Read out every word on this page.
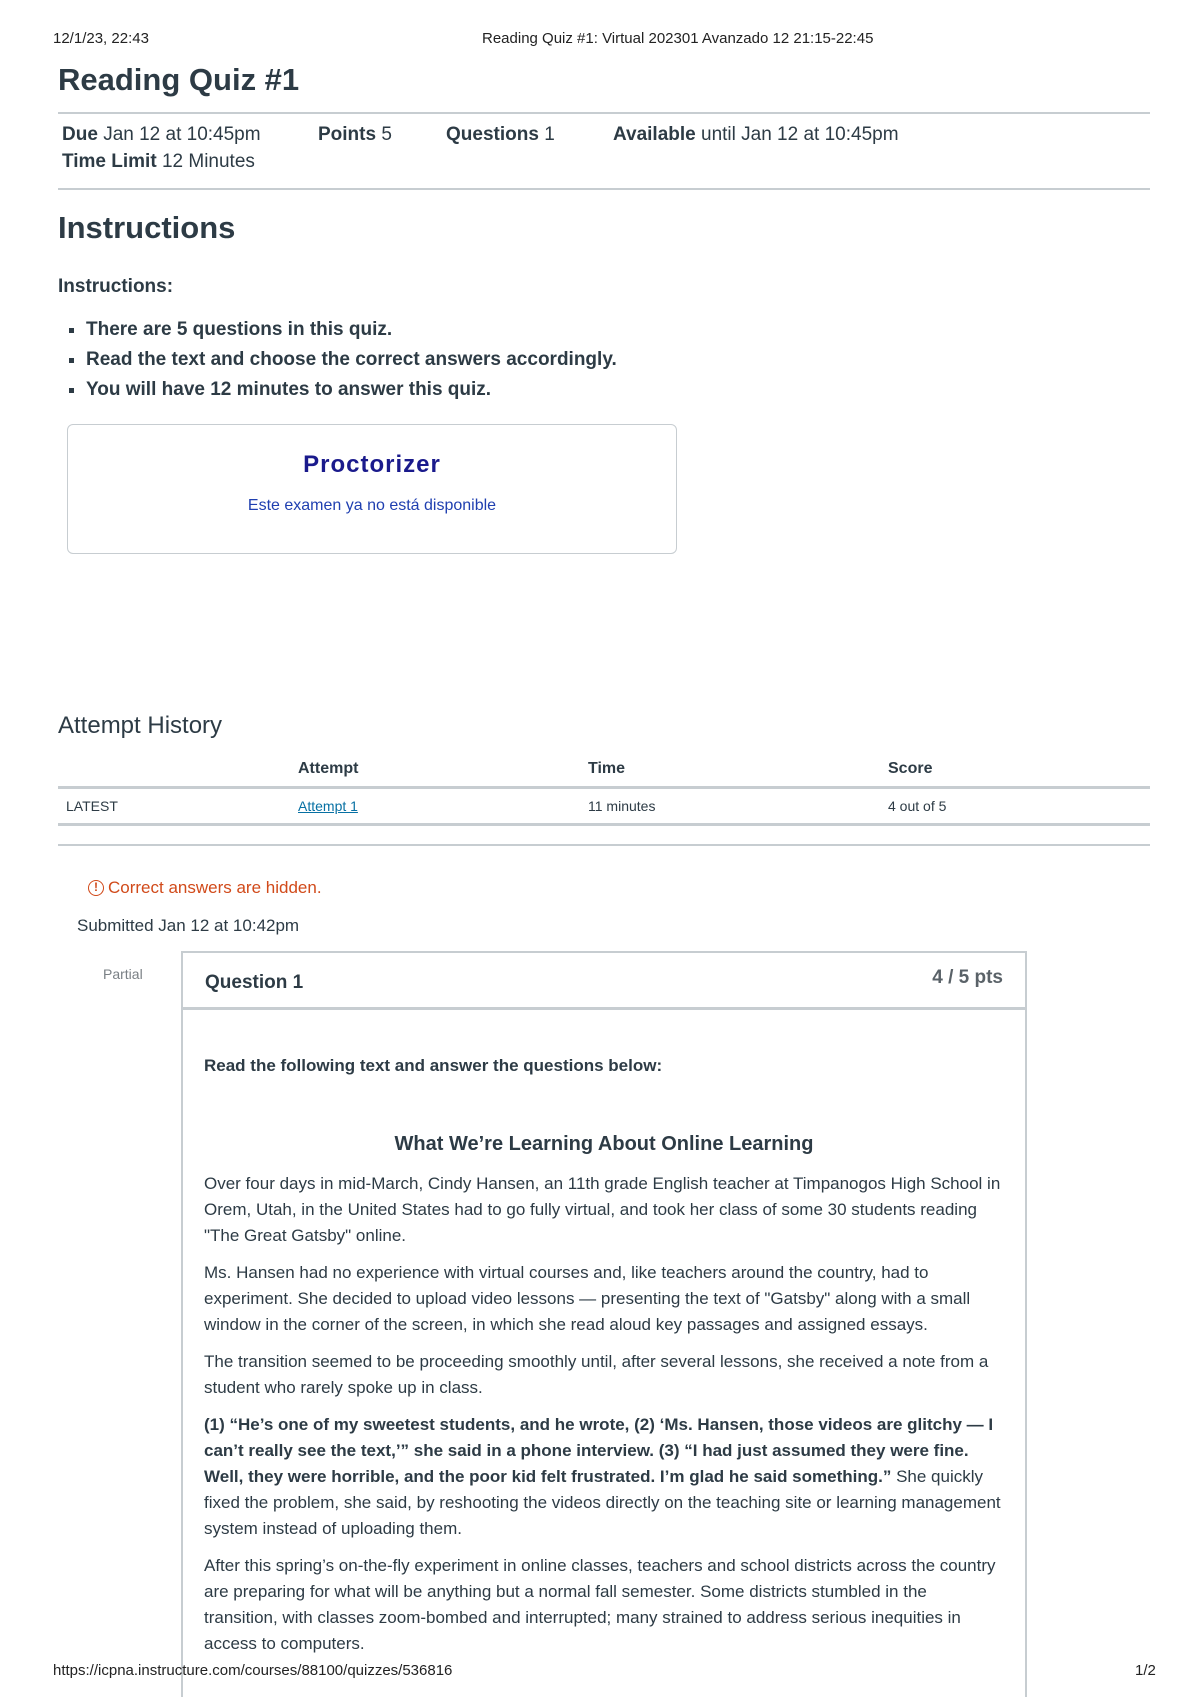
12/1/23, 22:43	Reading Quiz #1: Virtual 202301 Avanzado 12 21:15-22:45
Reading Quiz #1
Due Jan 12 at 10:45pm	Points 5	Questions 1	Available until Jan 12 at 10:45pm
Time Limit 12 Minutes
Instructions
Instructions:
▪ There are 5 questions in this quiz.
▪ Read the text and choose the correct answers accordingly.
▪ You will have 12 minutes to answer this quiz.
Proctorizer
Este examen ya no está disponible
Attempt History
	Attempt	Time	Score
LATEST	Attempt 1	11 minutes	4 out of 5
! Correct answers are hidden.
Submitted Jan 12 at 10:42pm
Partial	Question 1	4 / 5 pts

Read the following text and answer the questions below:

What We’re Learning About Online Learning

Over four days in mid-March, Cindy Hansen, an 11th grade English teacher at Timpanogos High School in Orem, Utah, in the United States had to go fully virtual, and took her class of some 30 students reading "The Great Gatsby" online.

Ms. Hansen had no experience with virtual courses and, like teachers around the country, had to experiment. She decided to upload video lessons — presenting the text of "Gatsby" along with a small window in the corner of the screen, in which she read aloud key passages and assigned essays.

The transition seemed to be proceeding smoothly until, after several lessons, she received a note from a student who rarely spoke up in class.

(1) “He’s one of my sweetest students, and he wrote, (2) ‘Ms. Hansen, those videos are glitchy — I can’t really see the text,’” she said in a phone interview. (3) “I had just assumed they were fine. Well, they were horrible, and the poor kid felt frustrated. I’m glad he said something.” She quickly fixed the problem, she said, by reshooting the videos directly on the teaching site or learning management system instead of uploading them.

After this spring’s on-the-fly experiment in online classes, teachers and school districts across the country are preparing for what will be anything but a normal fall semester. Some districts stumbled in the transition, with classes zoom-bombed and interrupted; many strained to address serious inequities in access to computers.

https://icpna.instructure.com/courses/88100/quizzes/536816	1/2
